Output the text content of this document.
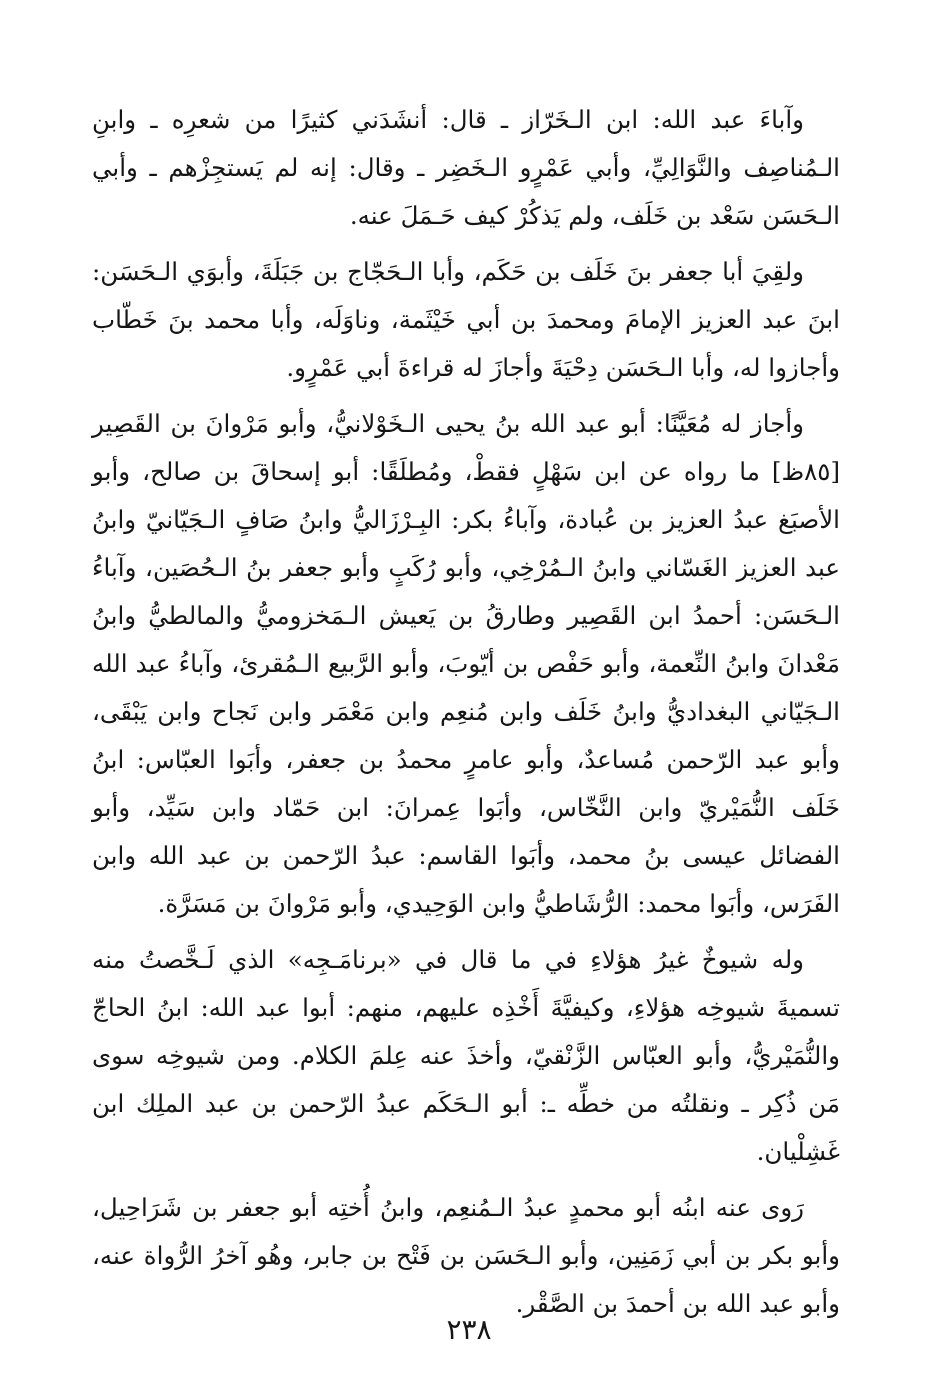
وآباءَ عبد الله: ابن الـخَرّاز ـ قال: أنشَدَني كثيرًا من شعرِه ـ وابنِ الـمُناصِف والنَّوَالِيِّ، وأبي عَمْرٍو الـخَضِر ـ وقال: إنه لم يَستجِزْهم ـ وأبي الـحَسَن سَعْد بن خَلَف، ولم يَذكُرْ كيف حَـمَلَ عنه.

ولقِيَ أبا جعفر بنَ خَلَف بن حَكَم، وأبا الـحَجّاج بن جَبَلَةَ، وأبوَي الـحَسَن: ابنَ عبد العزيز الإمامَ ومحمدَ بن أبي خَيْثَمة، وناوَلَه، وأبا محمد بنَ خَطّاب وأجازوا له، وأبا الـحَسَن دِحْيَةَ وأجازَ له قراءةَ أبي عَمْرٍو.

وأجاز له مُعَيَّنًا: أبو عبد الله بنُ يحيى الـخَوْلانيُّ، وأبو مَرْوانَ بن القَصِير [٨٥ظ] ما رواه عن ابن سَهْلٍ فقطْ، ومُطلَقًا: أبو إسحاقَ بن صالح، وأبو الأصبَغ عبدُ العزيز بن عُبادة، وآباءُ بكر: البِـرْزَاليُّ وابنُ صَافٍ الـجَيّانيّ وابنُ عبد العزيز الغَسّاني وابنُ الـمُرْخِي، وأبو رُكَبٍ وأبو جعفر بنُ الـحُصَين، وآباءُ الـحَسَن: أحمدُ ابن القَصِير وطارقُ بن يَعيش الـمَخزوميُّ والمالطيُّ وابنُ مَعْدانَ وابنُ النِّعمة، وأبو حَفْص بن أيّوبَ، وأبو الرَّبيع الـمُقرئ، وآباءُ عبد الله الـجَيّاني البغداديُّ وابنُ خَلَف وابن مُنعِم وابن مَعْمَر وابن نَجاح وابن يَبْقَى، وأبو عبد الرّحمن مُساعدٌ، وأبو عامرٍ محمدُ بن جعفر، وأبَوا العبّاس: ابنُ خَلَف النُّمَيْريّ وابن النَّخّاس، وأبَوا عِمرانَ: ابن حَمّاد وابن سَيِّد، وأبو الفضائل عيسى بنُ محمد، وأبَوا القاسم: عبدُ الرّحمن بن عبد الله وابن الفَرَس، وأبَوا محمد: الرُّشَاطيُّ وابن الوَحِيدي، وأبو مَرْوانَ بن مَسَرَّة.

وله شيوخٌ غيرُ هؤلاءِ في ما قال في «برنامَـجِه» الذي لَـخَّصتُ منه تسميةَ شيوخِه هؤلاءِ، وكيفيَّةَ أَخْذِه عليهم، منهم: أبوا عبد الله: ابنُ الحاجّ والنُّمَيْريُّ، وأبو العبّاس الزَّنْقيّ، وأخذَ عنه عِلمَ الكلام. ومن شيوخِه سوى مَن ذُكِر ـ ونقلتُه من خطِّه ـ: أبو الـحَكَم عبدُ الرّحمن بن عبد الملِك ابن غَشِلْيان.

رَوى عنه ابنُه أبو محمدٍ عبدُ الـمُنعِم، وابنُ أُختِه أبو جعفر بن شَرَاحِيل، وأبو بكر بن أبي زَمَنِين، وأبو الـحَسَن بن فَتْح بن جابر، وهُو آخرُ الرُّواة عنه، وأبو عبد الله بن أحمدَ بن الصَّقْر.

٢٣٨
